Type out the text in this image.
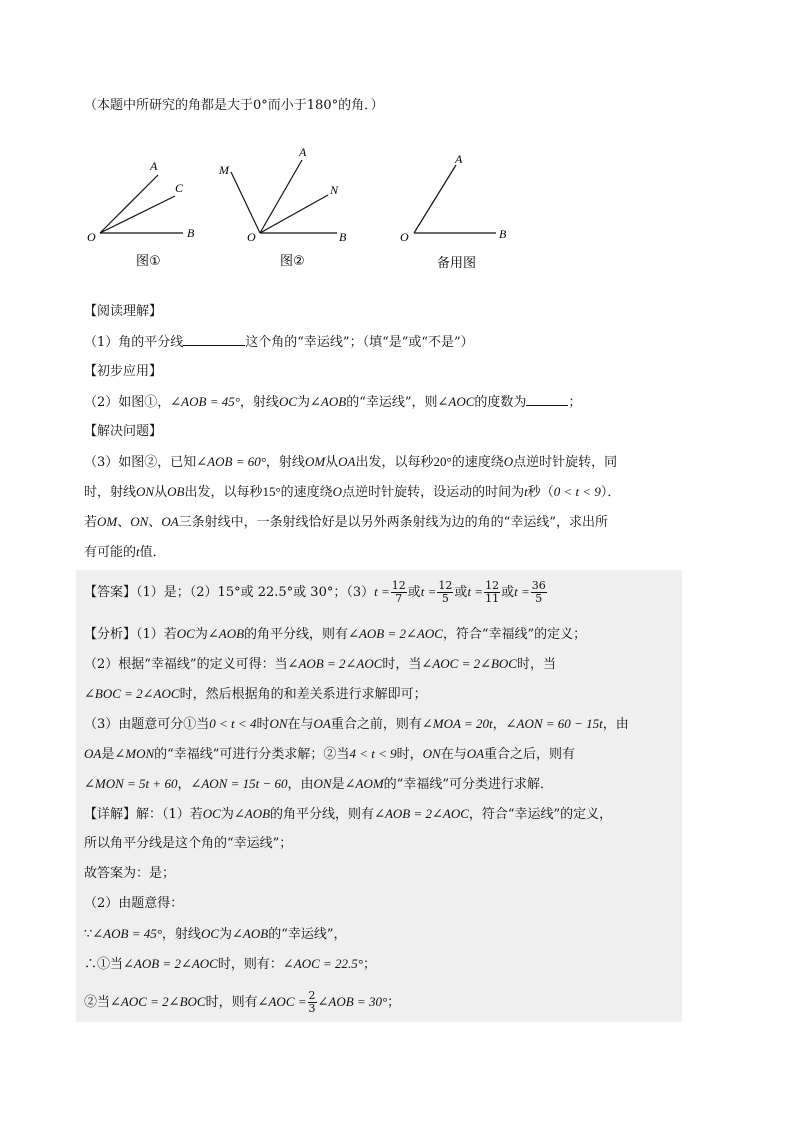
（本题中所研究的角都是大于0°而小于180°的角．）
A
C
O	B
图①
M
A
N
O	B
图②
A
O	B
备用图
【阅读理解】
（1）角的平分线	这个角的“幸运线”；（填“是”或“不是”）
【初步应用】
（2）如图①，∠AOB = 45°，射线OC为∠AOB的“幸运线”，则∠AOC的度数为	；
【解决问题】
（3）如图②，已知∠AOB = 60°，射线OM从OA出发，以每秒20°的速度绕O点逆时针旋转，同
时，射线ON从OB出发，以每秒15°的速度绕O点逆时针旋转，设运动的时间为t秒（0 < t < 9）．
若OM、ON、OA三条射线中，一条射线恰好是以另外两条射线为边的角的“幸运线”，求出所
有可能的t值．
【答案】（1）是；（2）15°或 22.5°或 30°；$(3)t = \frac{12}{7}$ 或$t = \frac{12}{5}$ 或$t = \frac{12}{11}$ 或$t = \frac{36}{5}$
【分析】（1）若OC为∠AOB的角平分线，则有∠AOB = 2∠AOC，符合“幸福线”的定义；
（2）根据“幸福线”的定义可得：当∠AOB = 2∠AOC时，当∠AOC = 2∠BOC时，当
∠BOC = 2∠AOC时，然后根据角的和差关系进行求解即可；
（3）由题意可分①当0 < t < 4时ON在与OA重合之前，则有∠MOA = 20t，∠AON = 60 − 15t，由
OA是∠MON的“幸福线”可进行分类求解；②当4 < t < 9时，ON在与OA重合之后，则有
∠MON = 5t + 60，∠AON = 15t − 60，由ON是∠AOM的“幸福线”可分类进行求解．
【详解】解：（1）若OC为∠AOB的角平分线，则有∠AOB = 2∠AOC，符合“幸运线”的定义，
所以角平分线是这个角的“幸运线”；
故答案为：是；
（2）由题意得：
∵∠AOB = 45°，射线OC为∠AOB的“幸运线”，
∴①当∠AOB = 2∠AOC时，则有：∠AOC = 22.5°；
②当∠AOC = 2∠BOC时，则有∠AOC = $\frac{2}{3}$ ∠AOB = 30°；
